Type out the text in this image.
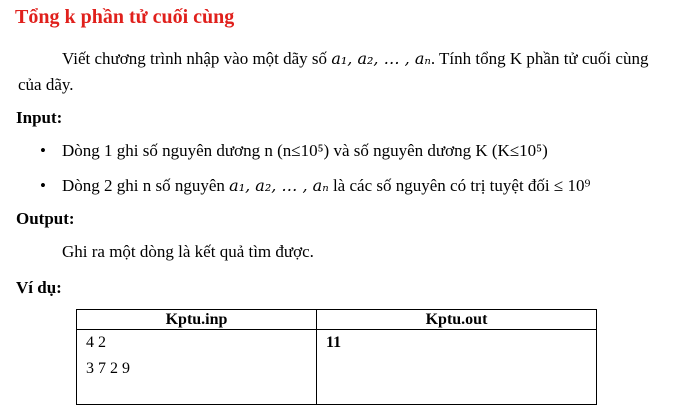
Tổng k phần tử cuối cùng
Viết chương trình nhập vào một dãy số a₁, a₂, … , aₙ. Tính tổng K phần tử cuối cùng của dãy.
Input:
• Dòng 1 ghi số nguyên dương n (n≤10⁵) và số nguyên dương K (K≤10⁵)
• Dòng 2 ghi n số nguyên a₁, a₂, … , aₙ là các số nguyên có trị tuyệt đối ≤ 10⁹
Output:
Ghi ra một dòng là kết quả tìm được.
Ví dụ:
Kptu.inp	Kptu.out

4 2
3 7 2 9	11
